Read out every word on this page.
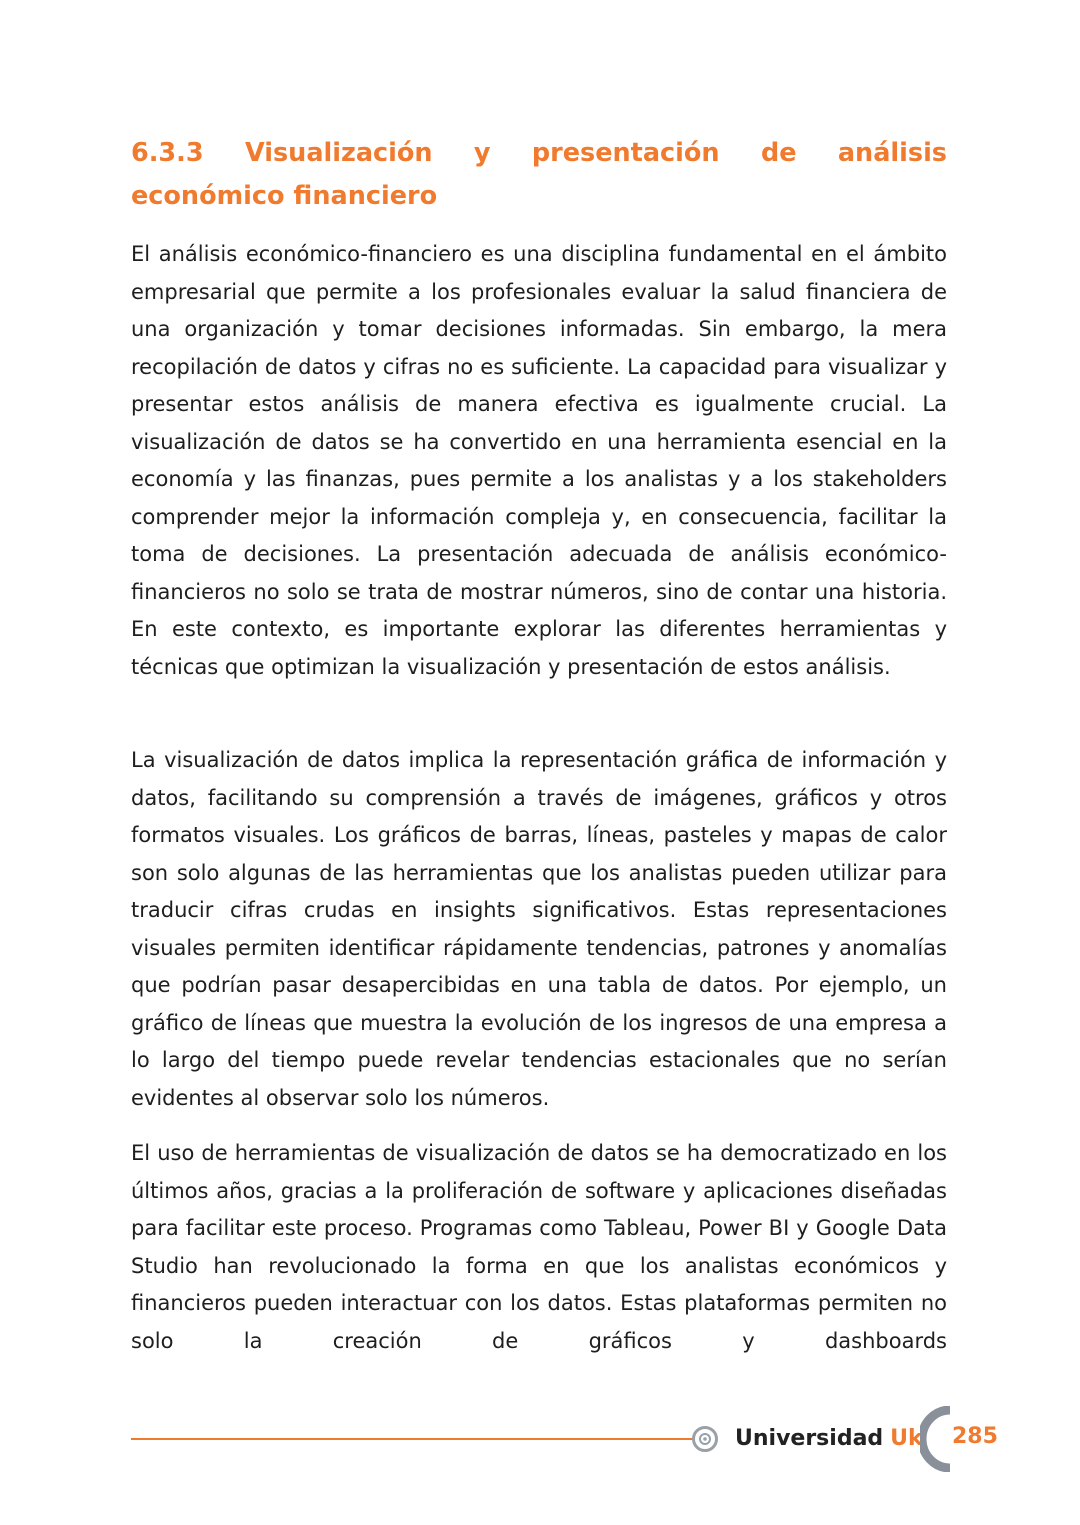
6.3.3 Visualización y presentación de análisis económico financiero

El análisis económico-financiero es una disciplina fundamental en el ámbito empresarial que permite a los profesionales evaluar la salud financiera de una organización y tomar decisiones informadas. Sin embargo, la mera recopilación de datos y cifras no es suficiente. La capacidad para visualizar y presentar estos análisis de manera efectiva es igualmente crucial. La visualización de datos se ha convertido en una herramienta esencial en la economía y las finanzas, pues permite a los analistas y a los stakeholders comprender mejor la información compleja y, en consecuencia, facilitar la toma de decisiones. La presentación adecuada de análisis económico-financieros no solo se trata de mostrar números, sino de contar una historia. En este contexto, es importante explorar las diferentes herramientas y técnicas que optimizan la visualización y presentación de estos análisis.

La visualización de datos implica la representación gráfica de información y datos, facilitando su comprensión a través de imágenes, gráficos y otros formatos visuales. Los gráficos de barras, líneas, pasteles y mapas de calor son solo algunas de las herramientas que los analistas pueden utilizar para traducir cifras crudas en insights significativos. Estas representaciones visuales permiten identificar rápidamente tendencias, patrones y anomalías que podrían pasar desapercibidas en una tabla de datos. Por ejemplo, un gráfico de líneas que muestra la evolución de los ingresos de una empresa a lo largo del tiempo puede revelar tendencias estacionales que no serían evidentes al observar solo los números.

El uso de herramientas de visualización de datos se ha democratizado en los últimos años, gracias a la proliferación de software y aplicaciones diseñadas para facilitar este proceso. Programas como Tableau, Power BI y Google Data Studio han revolucionado la forma en que los analistas económicos y financieros pueden interactuar con los datos. Estas plataformas permiten no solo la creación de gráficos y dashboards

Universidad Uk 285
